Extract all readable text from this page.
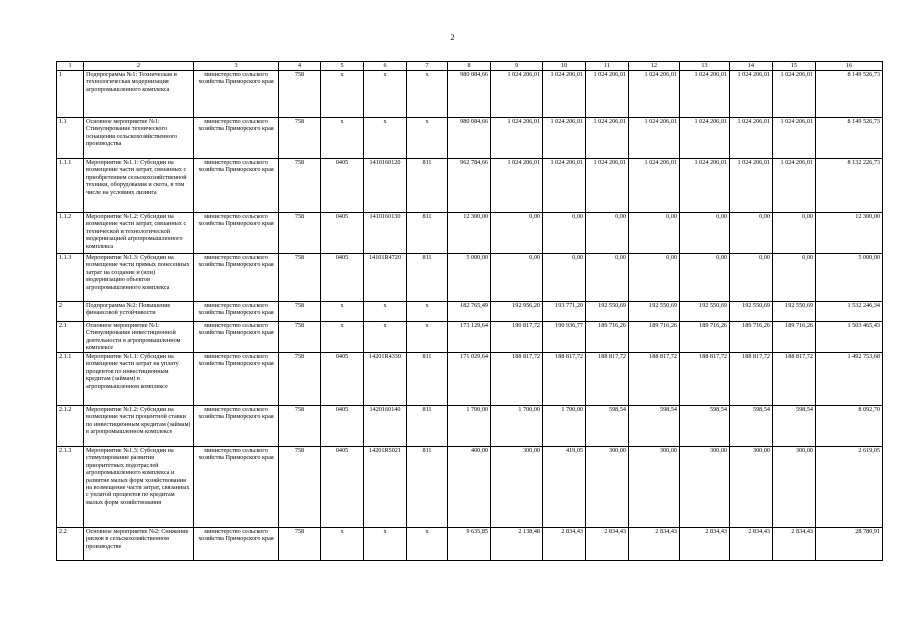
2
1	2	3	4	5	6	7	8	9	10	11	12	13	14	15	16
1	Подпрограмма №1: Техническая и технологическая модернизация агропромышленного комплекса	министерство сельского хозяйства Приморского края	758	x	x	x	980 084,66	1 024 206,01	1 024 206,01	1 024 206,01	1 024 206,01	1 024 206,01	1 024 206,01	1 024 206,01	8 149 526,73
1.1	Основное мероприятие №1: Стимулирование технического оснащения сельскохозяйственного производства	министерство сельского хозяйства Приморского края	758	x	x	x	980 084,66	1 024 206,01	1 024 206,01	1 024 206,01	1 024 206,01	1 024 206,01	1 024 206,01	1 024 206,01	8 149 526,73
1.1.1	Мероприятие №1.1: Субсидии на возмещение части затрат, связанных с приобретением сельскохозяйственной техники, оборудования и скота, в том числе на условиях лизинга	министерство сельского хозяйства Приморского края	758	0405	1410160120	811	962 784,66	1 024 206,01	1 024 206,01	1 024 206,01	1 024 206,01	1 024 206,01	1 024 206,01	1 024 206,01	8 132 226,73
1.1.2	Мероприятие №1.2: Субсидии на возмещение части затрат, связанных с технической и технологической модернизацией агропромышленного комплекса	министерство сельского хозяйства Приморского края	758	0405	1410160130	811	12 300,00	0,00	0,00	0,00	0,00	0,00	0,00	0,00	12 300,00
1.1.3	Мероприятие №1.3: Субсидии на возмещение части прямых понесенных затрат на создание и (или) модернизацию объектов агропромышленного комплекса	министерство сельского хозяйства Приморского края	758	0405	14101R4720	811	5 000,00	0,00	0,00	0,00	0,00	0,00	0,00	0,00	5 000,00
2	Подпрограмма №2: Повышение финансовой устойчивости	министерство сельского хозяйства Приморского края	758	x	x	x	182 765,49	192 956,20	193 771,20	192 550,69	192 550,69	192 550,69	192 550,69	192 550,69	1 532 246,34
2.1	Основное мероприятие №1: Стимулирование инвестиционной деятельности в агропромышленном комплексе	министерство сельского хозяйства Приморского края	758	x	x	x	173 129,64	190 817,72	190 936,77	189 716,26	189 716,26	189 716,26	189 716,26	189 716,26	1 503 465,43
2.1.1	Мероприятие №1.1: Субсидии на возмещение части затрат на уплату процентов по инвестиционным кредитам (займам) в агропромышленном комплексе	министерство сельского хозяйства Приморского края	758	0405	14201R4330	811	171 029,64	188 817,72	188 817,72	188 817,72	188 817,72	188 817,72	188 817,72	188 817,72	1 492 753,68
2.1.2	Мероприятие №1.2: Субсидии на возмещение части процентной ставки по инвестиционным кредитам (займам) в агропромышленном комплексе	министерство сельского хозяйства Приморского края	758	0405	1420160140	811	1 700,00	1 700,00	1 700,00	598,54	598,54	598,54	598,54	598,54	8 092,70
2.1.3	Мероприятие №1.3: Субсидии на стимулирование развития приоритетных подотраслей агропромышленного комплекса и развитие малых форм хозяйствования на возмещение части затрат, связанных с уплатой процентов по кредитам малых форм хозяйствования	министерство сельского хозяйства Приморского края	758	0405	14201R5021	811	400,00	300,00	419,05	300,00	300,00	300,00	300,00	300,00	2 619,05
2.2	Основное мероприятие №2: Снижение рисков в сельскохозяйственном производстве	министерство сельского хозяйства Приморского края	758	x	x	x	9 635,85	2 138,48	2 834,43	2 834,43	2 834,43	2 834,43	2 834,43	2 834,43	28 780,91
